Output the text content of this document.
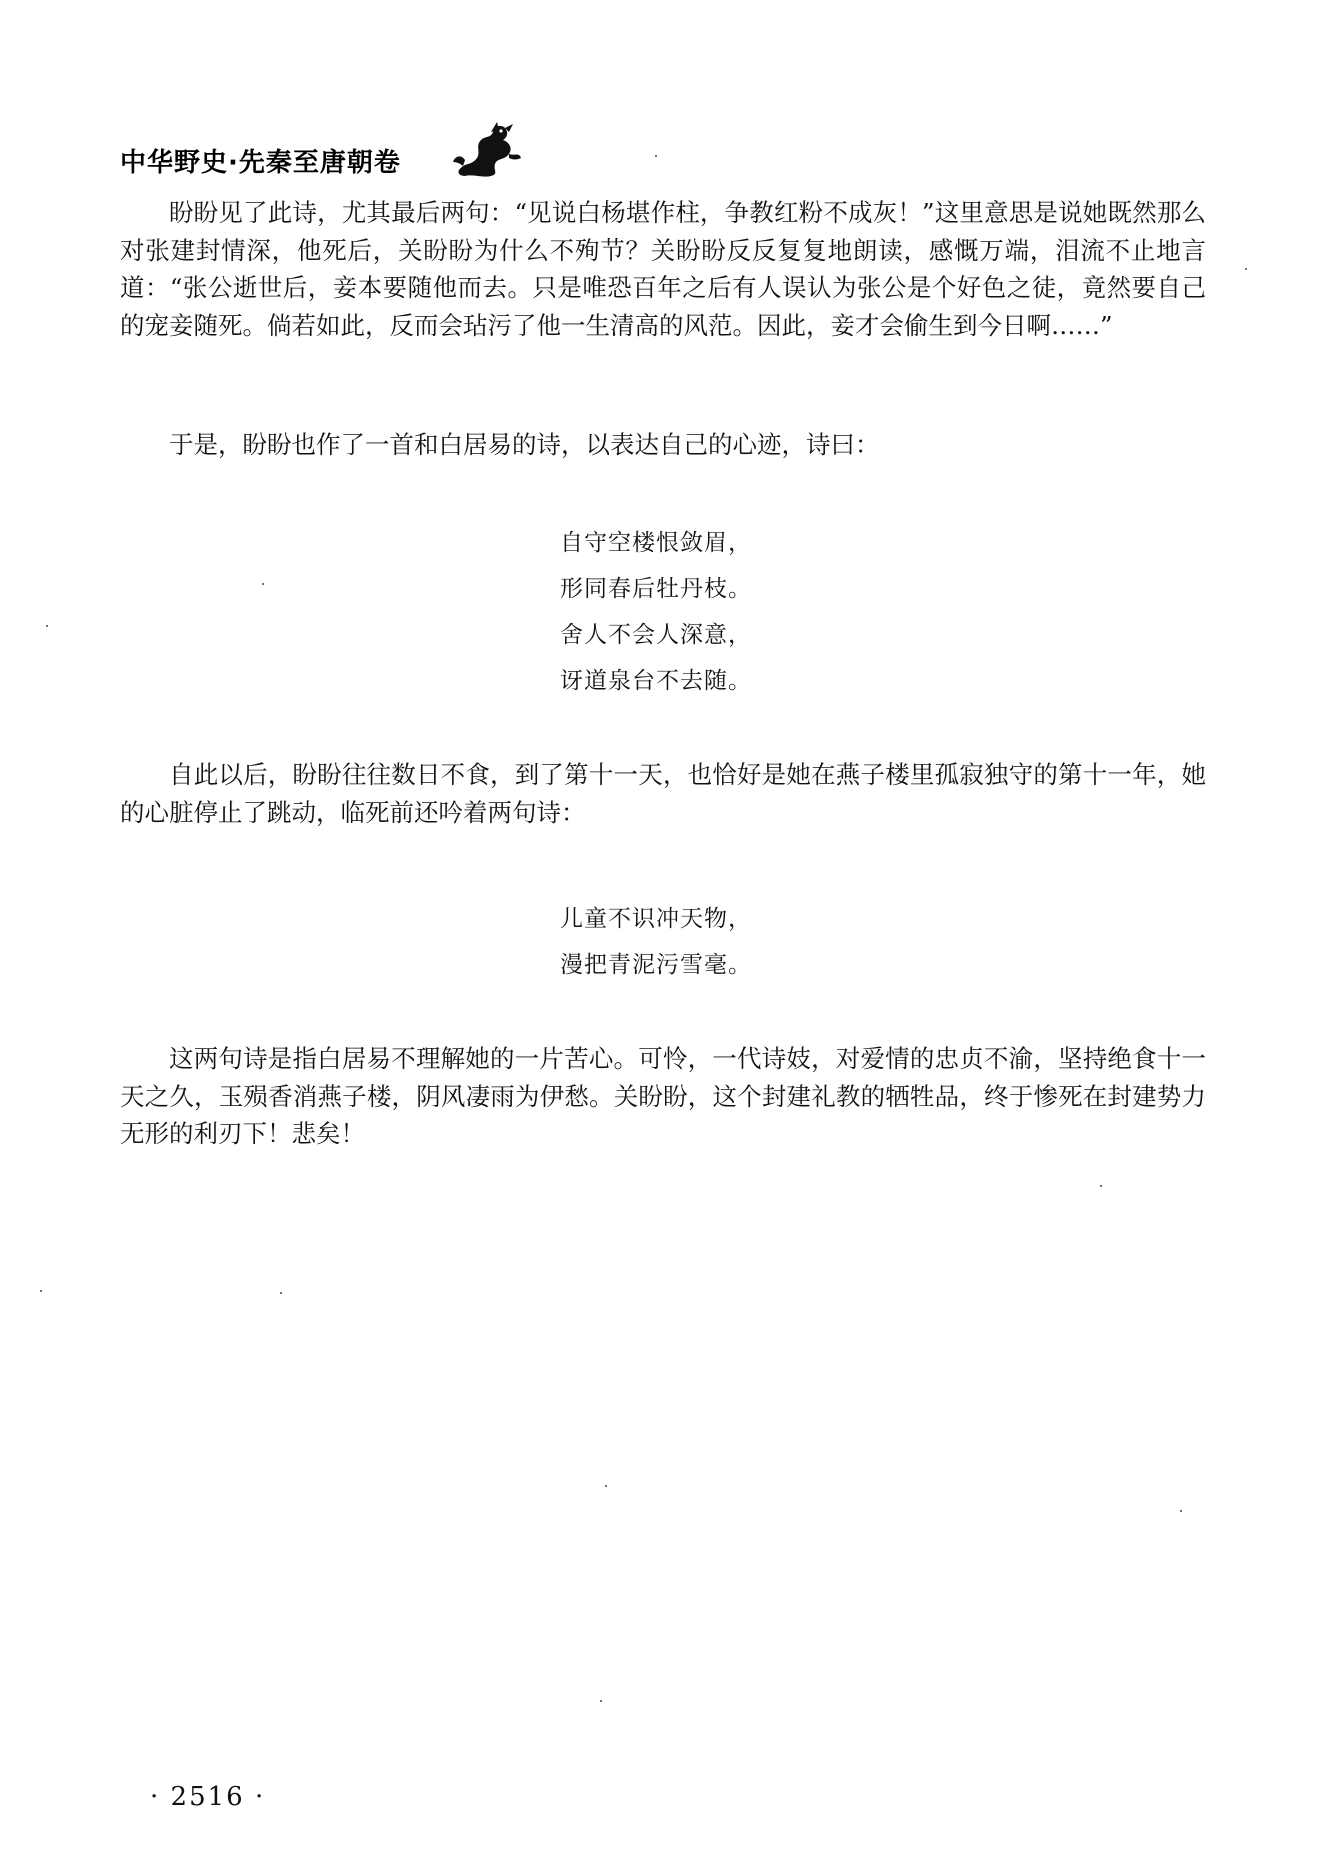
中华野史·先秦至唐朝卷

盼盼见了此诗，尤其最后两句：“见说白杨堪作柱，争教红粉不成灰！”这里意思是说她既然那么对张建封情深，他死后，关盼盼为什么不殉节？关盼盼反反复复地朗读，感慨万端，泪流不止地言道：“张公逝世后，妾本要随他而去。只是唯恐百年之后有人误认为张公是个好色之徒，竟然要自己的宠妾随死。倘若如此，反而会玷污了他一生清高的风范。因此，妾才会偷生到今日啊……”

于是，盼盼也作了一首和白居易的诗，以表达自己的心迹，诗曰：

自守空楼恨敛眉，
形同春后牡丹枝。
舍人不会人深意，
讶道泉台不去随。

自此以后，盼盼往往数日不食，到了第十一天，也恰好是她在燕子楼里孤寂独守的第十一年，她的心脏停止了跳动，临死前还吟着两句诗：

儿童不识冲天物，
漫把青泥污雪毫。

这两句诗是指白居易不理解她的一片苦心。可怜，一代诗妓，对爱情的忠贞不渝，坚持绝食十一天之久，玉殒香消燕子楼，阴风凄雨为伊愁。关盼盼，这个封建礼教的牺牲品，终于惨死在封建势力无形的利刃下！悲矣！

· 2516 ·
